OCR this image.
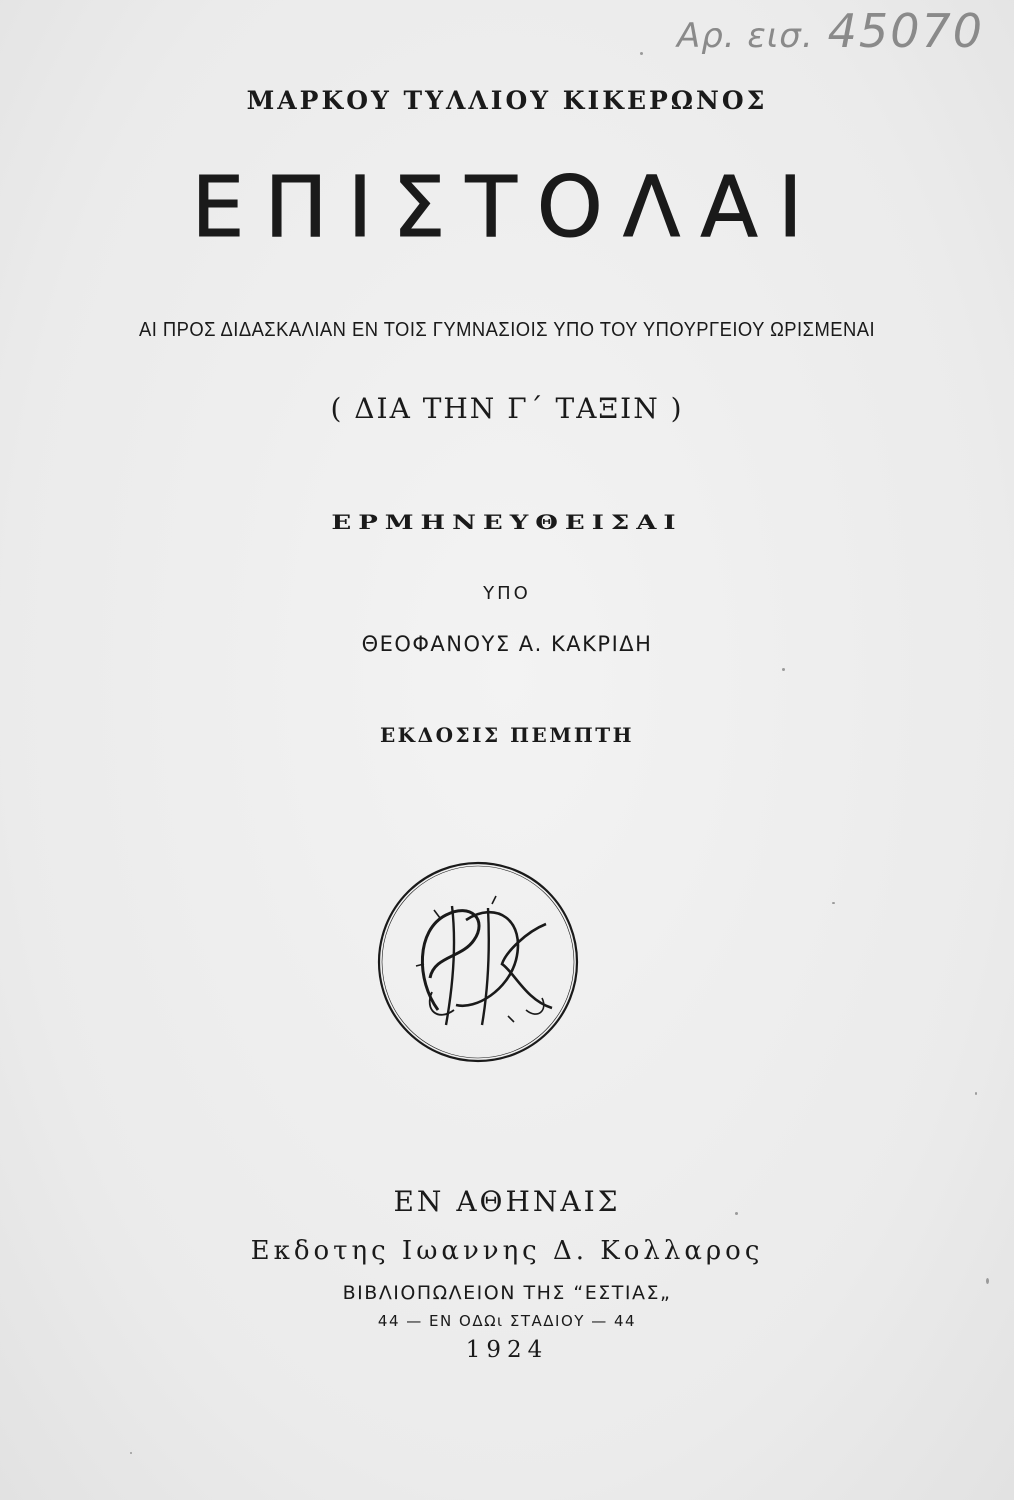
Αρ. εισ. 45070
ΜΑΡΚΟΥ ΤΥΛΛΙΟΥ ΚΙΚΕΡΩΝΟΣ
ΕΠΙΣΤΟΛΑΙ
ΑΙ ΠΡΟΣ ΔΙΔΑΣΚΑΛΙΑΝ ΕΝ ΤΟΙΣ ΓΥΜΝΑΣΙΟΙΣ ΥΠΟ ΤΟΥ ΥΠΟΥΡΓΕΙΟΥ ΩΡΙΣΜΕΝΑΙ
( ΔΙΑ ΤΗΝ Γ΄ ΤΑΞΙΝ )
ΕΡΜΗΝΕΥΘΕΙΣΑΙ
ΥΠΟ
ΘΕΟΦΑΝΟΥΣ Α. ΚΑΚΡΙΔΗ
ΕΚΔΟΣΙΣ ΠΕΜΠΤΗ
ΘΔΚ
ΕΝ ΑΘΗΝΑΙΣ
Εκδοτης Ιωαννης Δ. Κολλαρος
ΒΙΒΛΙΟΠΩΛΕΙΟΝ ΤΗΣ “ΕΣΤΙΑΣ„
44 — ΕΝ ΟΔΩι ΣΤΑΔΙΟΥ — 44
1924
